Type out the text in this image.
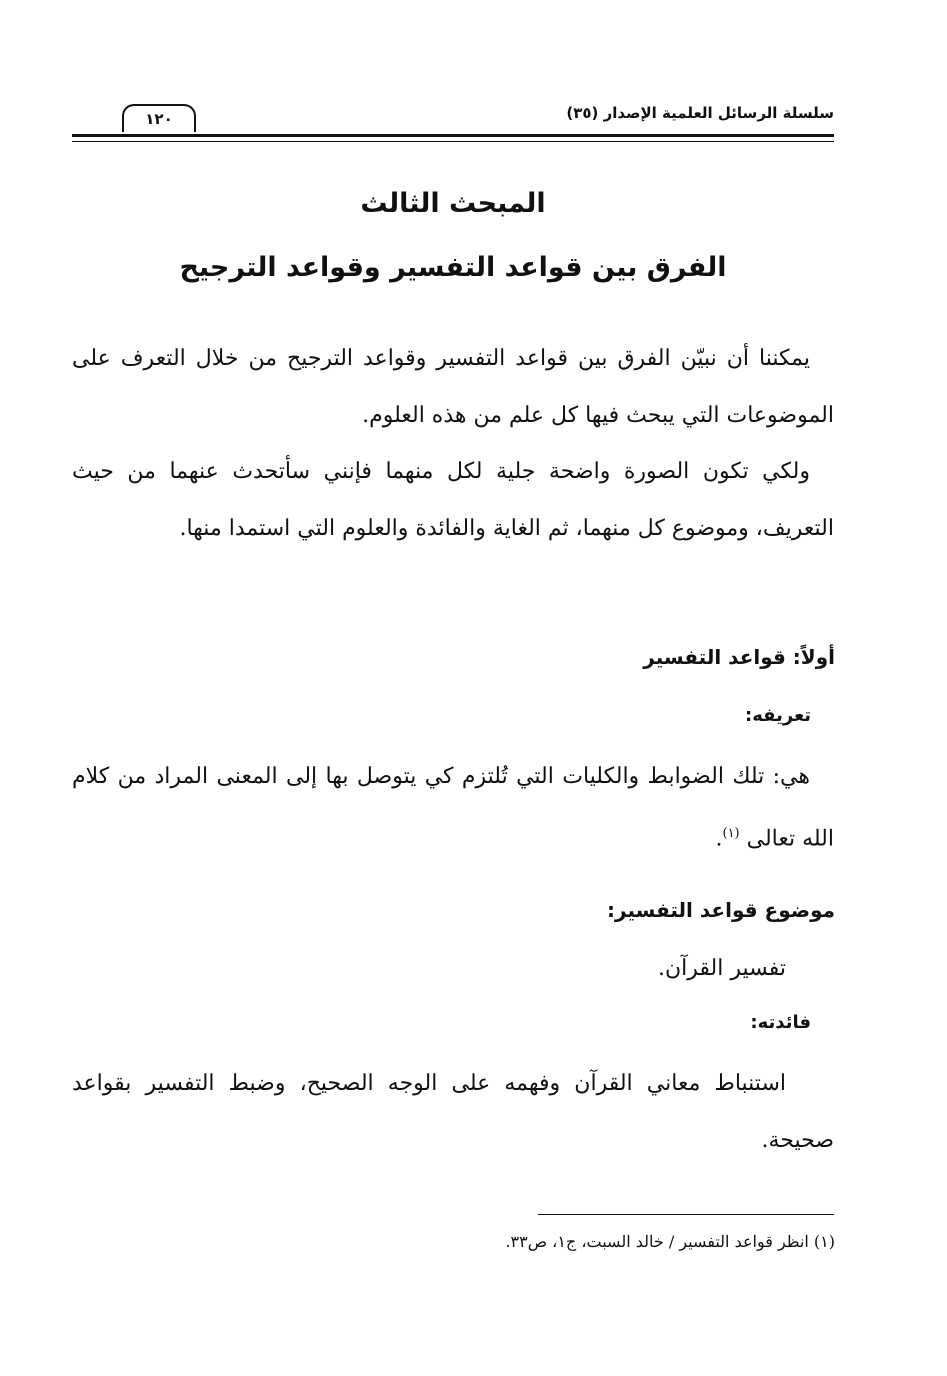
سلسلة الرسائل العلمية الإصدار (٣٥)
١٢٠
المبحث الثالث
الفرق بين قواعد التفسير وقواعد الترجيح
يمكننا أن نبيّن الفرق بين قواعد التفسير وقواعد الترجيح من خلال التعرف على الموضوعات التي يبحث فيها كل علم من هذه العلوم.
ولكي تكون الصورة واضحة جلية لكل منهما فإنني سأتحدث عنهما من حيث التعريف، وموضوع كل منهما، ثم الغاية والفائدة والعلوم التي استمدا منها.
أولاً: قواعد التفسير
تعريفه:
هي: تلك الضوابط والكليات التي تُلتزم كي يتوصل بها إلى المعنى المراد من كلام الله تعالى $^{(١)}$.
موضوع قواعد التفسير:
تفسير القرآن.
فائدته:
استنباط معاني القرآن وفهمه على الوجه الصحيح، وضبط التفسير بقواعد صحيحة.
(١) انظر قواعد التفسير / خالد السبت، ج١، ص٣٣.
